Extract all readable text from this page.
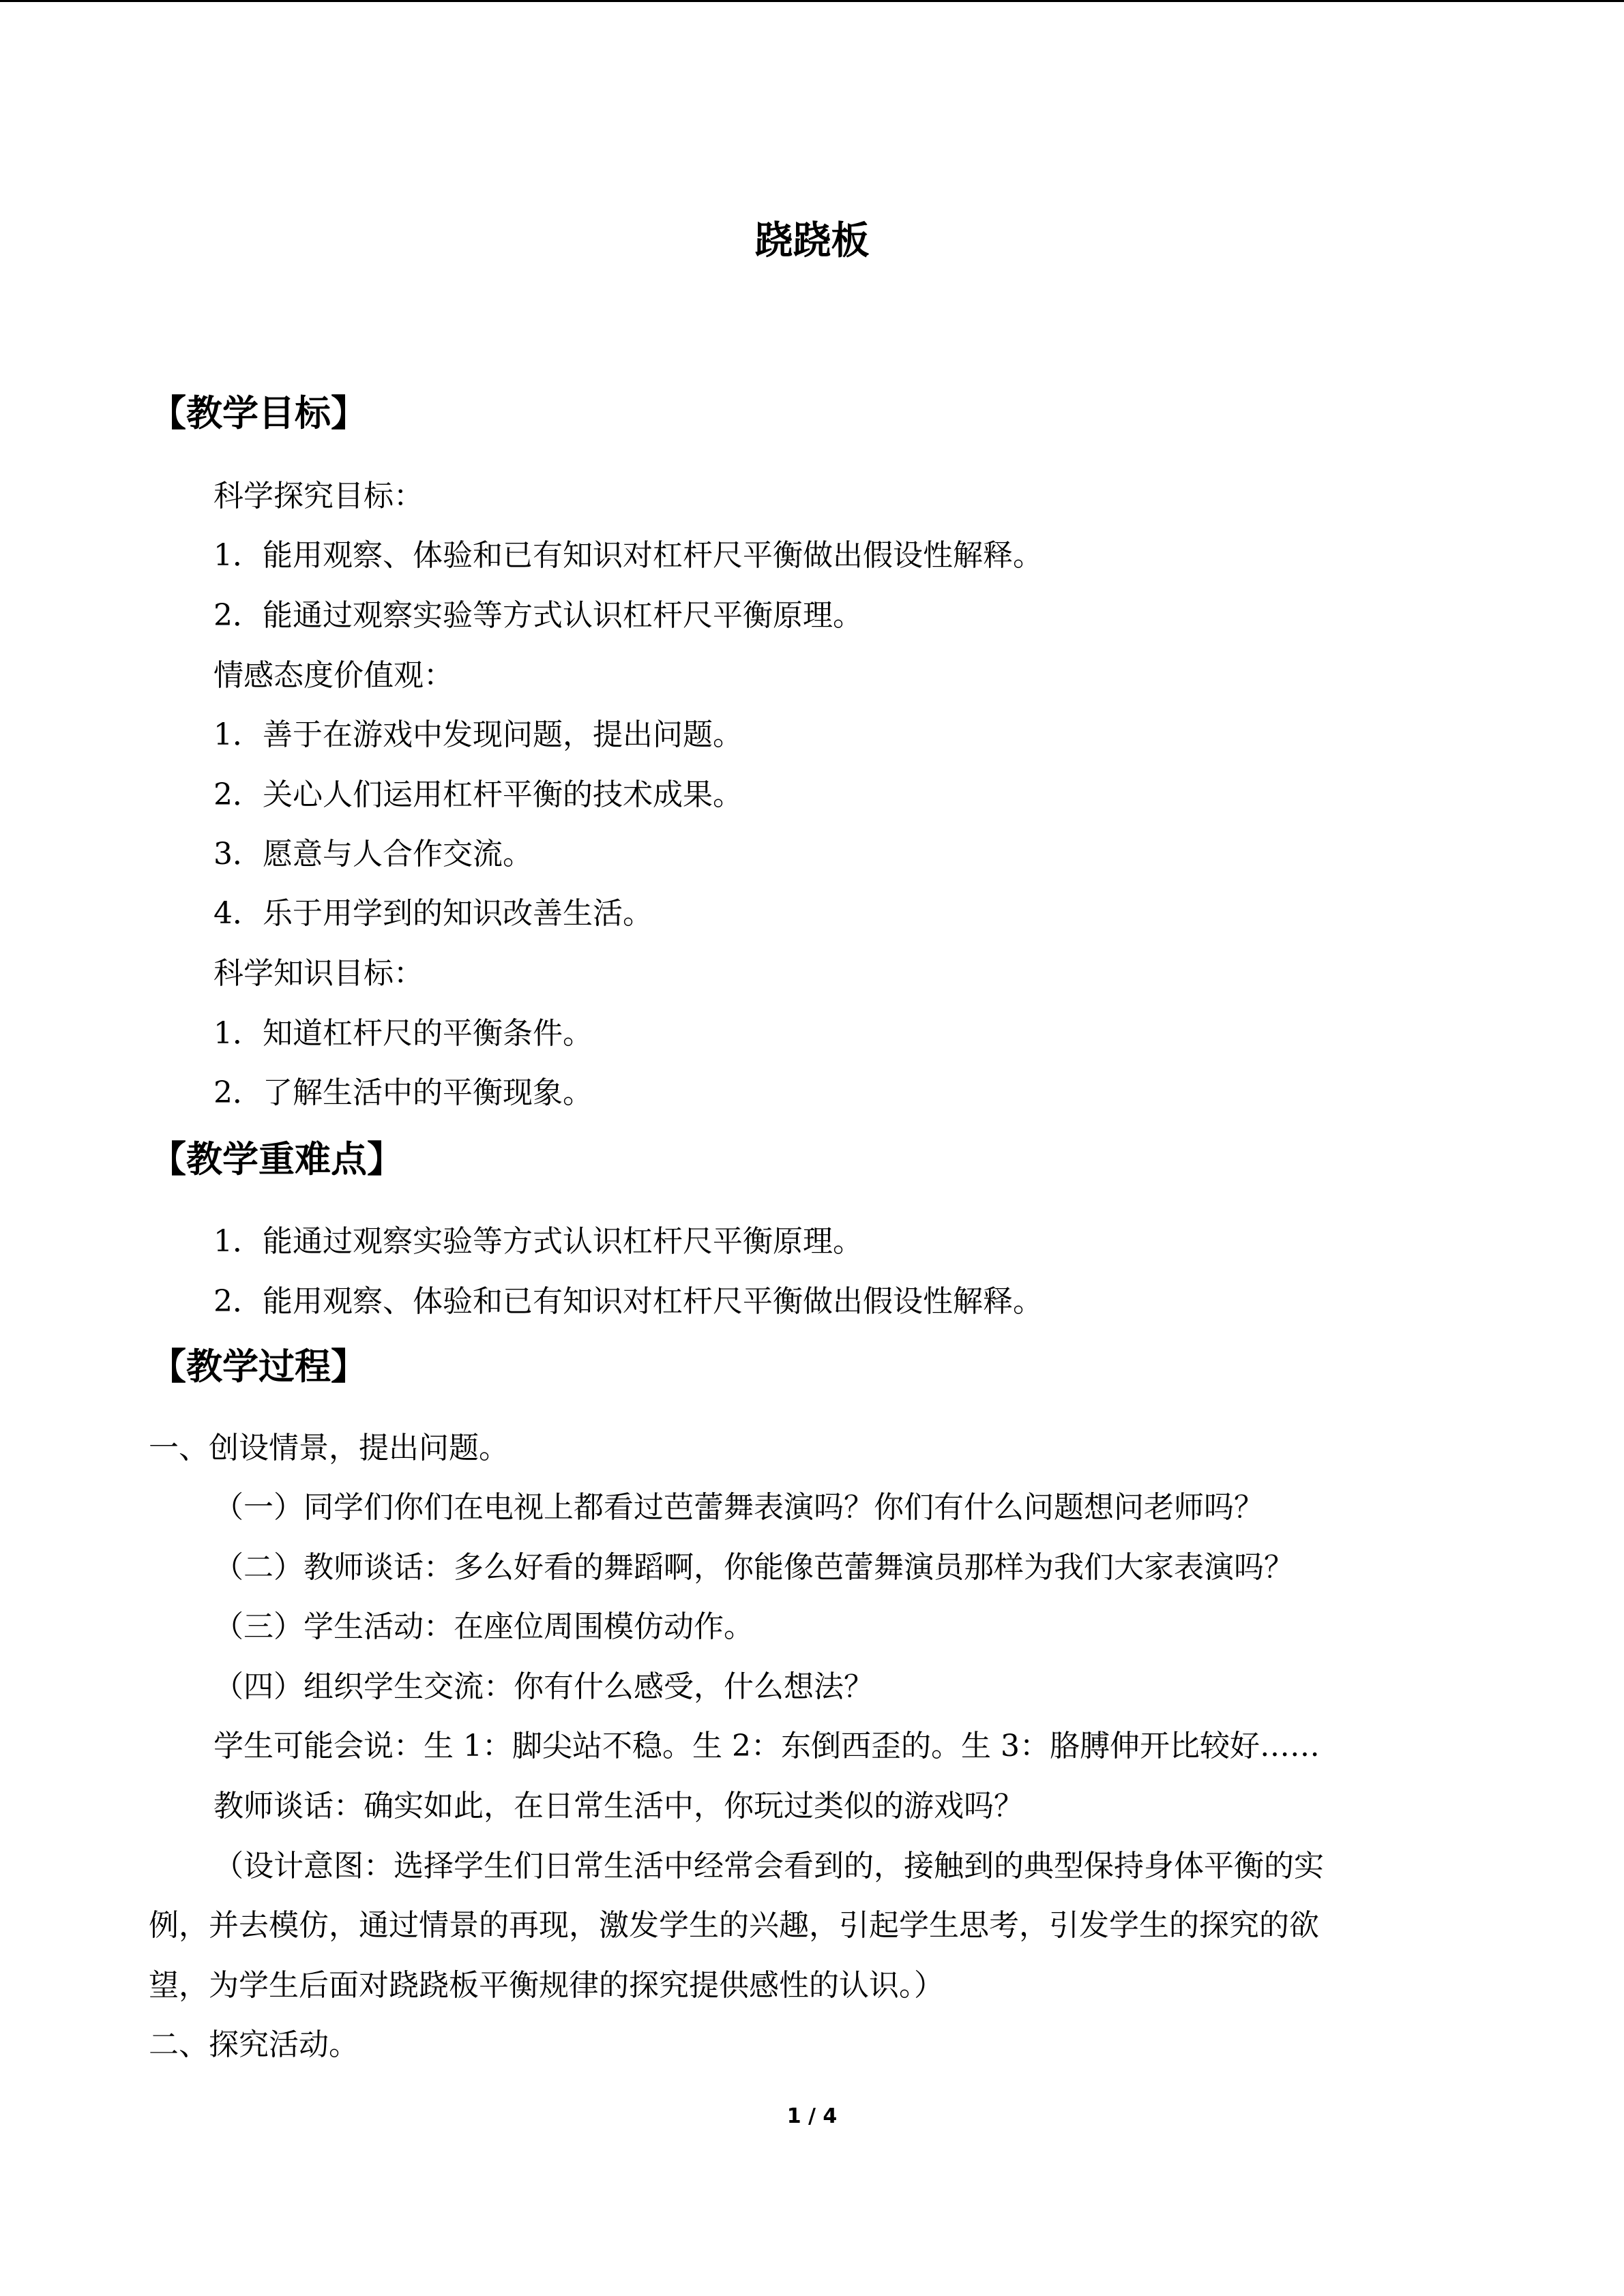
跷跷板
【教学目标】
科学探究目标：
1．能用观察、体验和已有知识对杠杆尺平衡做出假设性解释。
2．能通过观察实验等方式认识杠杆尺平衡原理。
情感态度价值观：
1．善于在游戏中发现问题，提出问题。
2．关心人们运用杠杆平衡的技术成果。
3．愿意与人合作交流。
4．乐于用学到的知识改善生活。
科学知识目标：
1．知道杠杆尺的平衡条件。
2．了解生活中的平衡现象。
【教学重难点】
1．能通过观察实验等方式认识杠杆尺平衡原理。
2．能用观察、体验和已有知识对杠杆尺平衡做出假设性解释。
【教学过程】
一、创设情景，提出问题。
（一）同学们你们在电视上都看过芭蕾舞表演吗？你们有什么问题想问老师吗？
（二）教师谈话：多么好看的舞蹈啊，你能像芭蕾舞演员那样为我们大家表演吗？
（三）学生活动：在座位周围模仿动作。
（四）组织学生交流：你有什么感受，什么想法？
学生可能会说：生 1：脚尖站不稳。生 2：东倒西歪的。生 3：胳膊伸开比较好……
教师谈话：确实如此，在日常生活中，你玩过类似的游戏吗？
（设计意图：选择学生们日常生活中经常会看到的，接触到的典型保持身体平衡的实
例，并去模仿，通过情景的再现，激发学生的兴趣，引起学生思考，引发学生的探究的欲
望，为学生后面对跷跷板平衡规律的探究提供感性的认识。）
二、探究活动。
1 / 4
